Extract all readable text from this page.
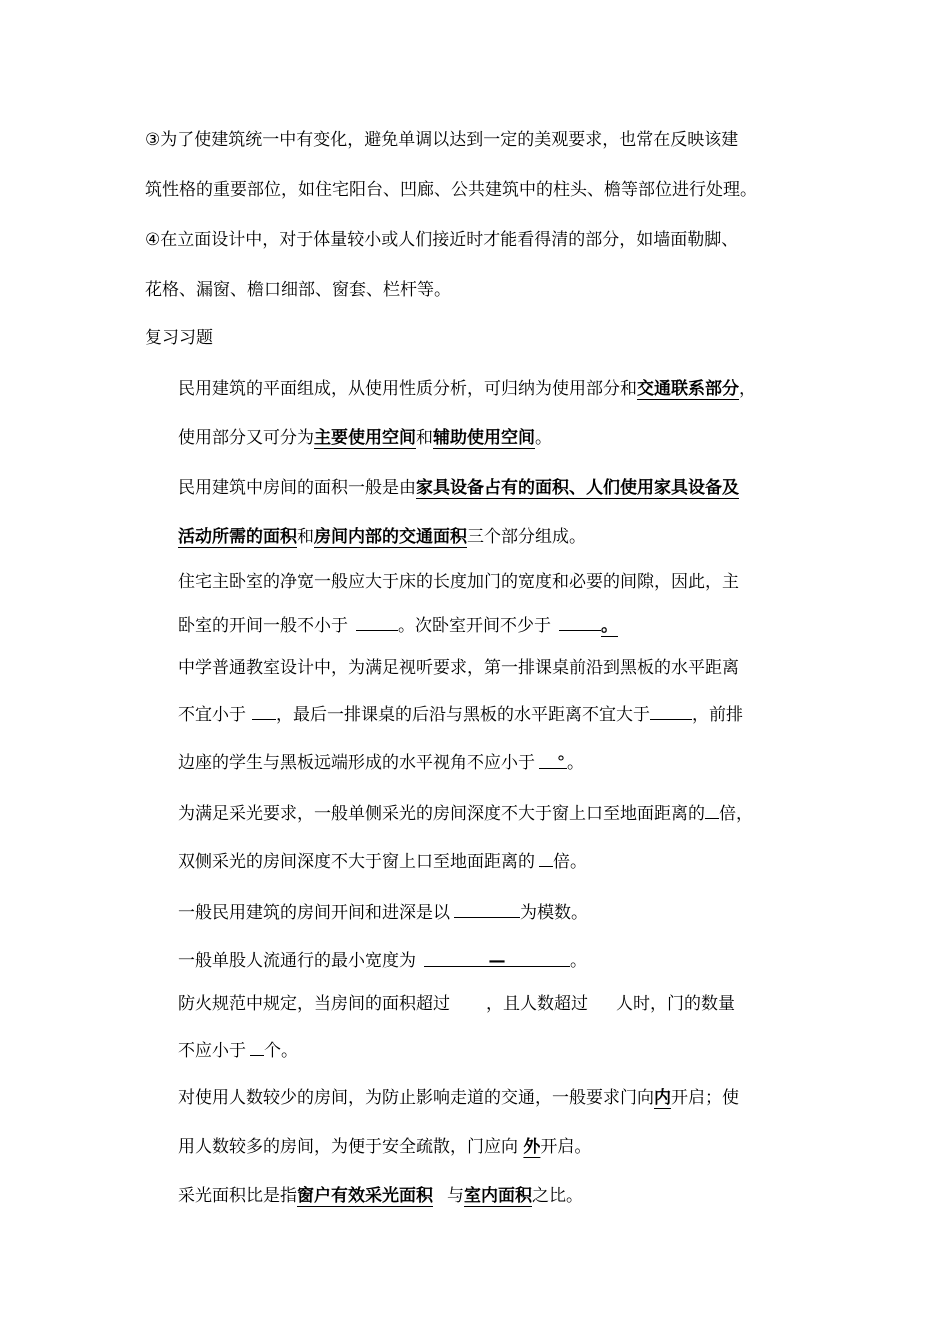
③为了使建筑统一中有变化，避免单调以达到一定的美观要求，也常在反映该建
筑性格的重要部位，如住宅阳台、凹廊、公共建筑中的柱头、檐等部位进行处理。
④在立面设计中，对于体量较小或人们接近时才能看得清的部分，如墙面勒脚、
花格、漏窗、檐口细部、窗套、栏杆等。
复习习题
民用建筑的平面组成，从使用性质分析，可归纳为使用部分和交通联系部分，
使用部分又可分为主要使用空间和辅助使用空间。
民用建筑中房间的面积一般是由家具设备占有的面积、人们使用家具设备及
活动所需的面积和房间内部的交通面积三个部分组成。
住宅主卧室的净宽一般应大于床的长度加门的宽度和必要的间隙，因此，主
卧室的开间一般不小于	。次卧室开间不少于	。
中学普通教室设计中，为满足视听要求，第一排课桌前沿到黑板的水平距离
不宜小于 ，最后一排课桌的后沿与黑板的水平距离不宜大于 ，前排
边座的学生与黑板远端形成的水平视角不应小于 ° 。
为满足采光要求，一般单侧采光的房间深度不大于窗上口至地面距离的 倍，
双侧采光的房间深度不大于窗上口至地面距离的 倍。
一般民用建筑的房间开间和进深是以	为模数。
一般单股人流通行的最小宽度为	—	。
防火规范中规定，当房间的面积超过 ，且人数超过 人时，门的数量
不应小于 个。
对使用人数较少的房间，为防止影响走道的交通，一般要求门向内开启；使
用人数较多的房间，为便于安全疏散，门应向 外开启。
采光面积比是指窗户有效采光面积 与室内面积之比。
